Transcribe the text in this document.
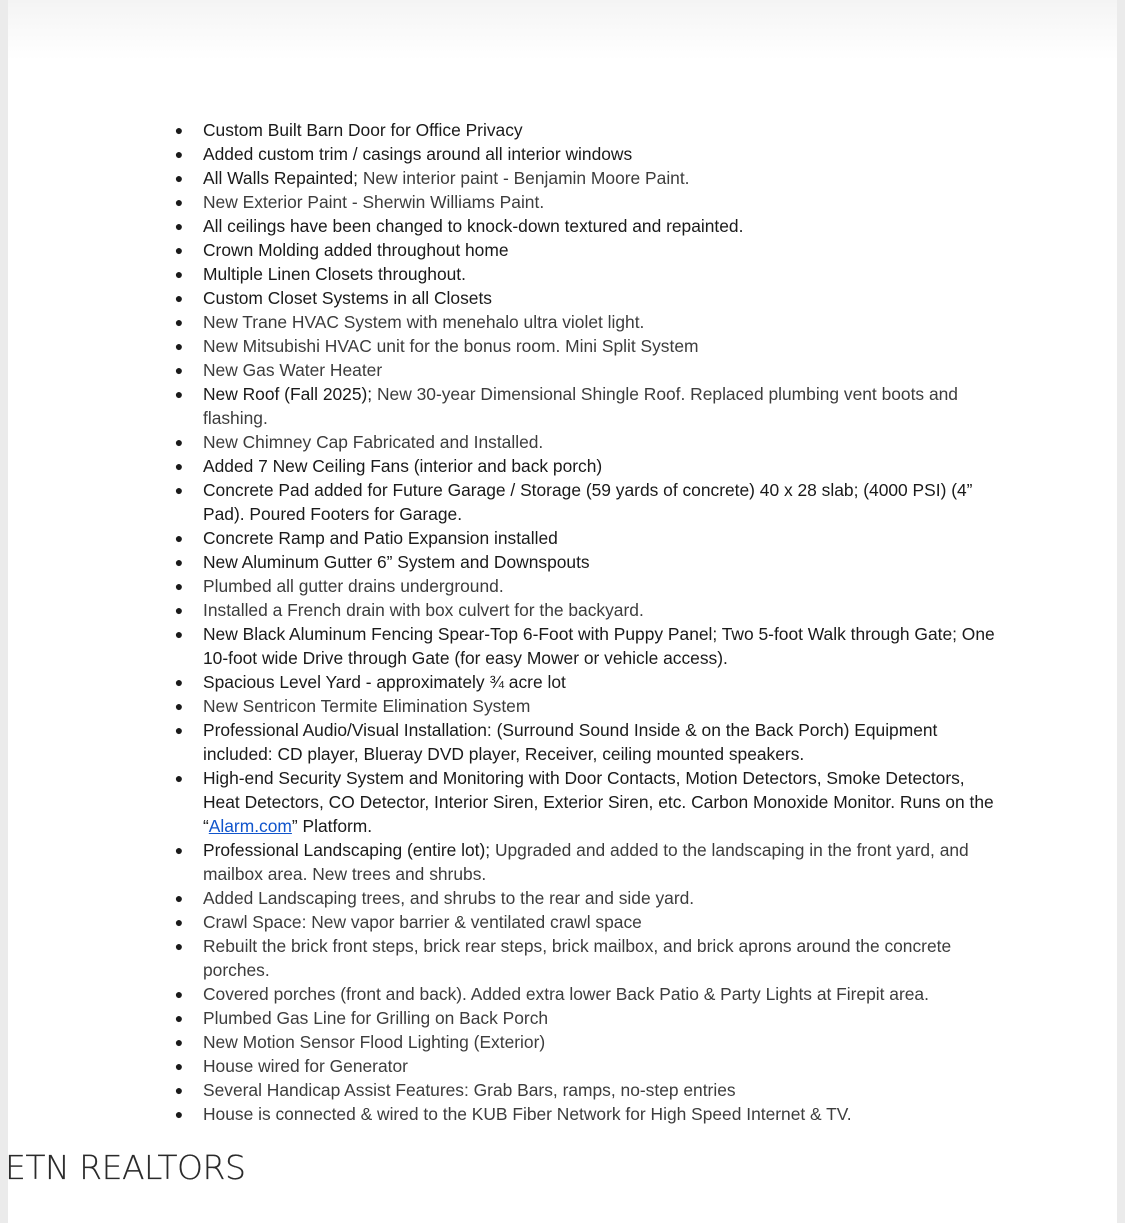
● Custom Built Barn Door for Office Privacy
● Added custom trim / casings around all interior windows
● All Walls Repainted; New interior paint - Benjamin Moore Paint.
● New Exterior Paint - Sherwin Williams Paint.
● All ceilings have been changed to knock-down textured and repainted.
● Crown Molding added throughout home
● Multiple Linen Closets throughout.
● Custom Closet Systems in all Closets
● New Trane HVAC System with menehalo ultra violet light.
● New Mitsubishi HVAC unit for the bonus room. Mini Split System
● New Gas Water Heater
● New Roof (Fall 2025); New 30-year Dimensional Shingle Roof. Replaced plumbing vent boots and flashing.
● New Chimney Cap Fabricated and Installed.
● Added 7 New Ceiling Fans (interior and back porch)
● Concrete Pad added for Future Garage / Storage (59 yards of concrete) 40 x 28 slab; (4000 PSI) (4” Pad). Poured Footers for Garage.
● Concrete Ramp and Patio Expansion installed
● New Aluminum Gutter 6” System and Downspouts
● Plumbed all gutter drains underground.
● Installed a French drain with box culvert for the backyard.
● New Black Aluminum Fencing Spear-Top 6-Foot with Puppy Panel; Two 5-foot Walk through Gate; One 10-foot wide Drive through Gate (for easy Mower or vehicle access).
● Spacious Level Yard - approximately ¾ acre lot
● New Sentricon Termite Elimination System
● Professional Audio/Visual Installation: (Surround Sound Inside & on the Back Porch) Equipment included: CD player, Blueray DVD player, Receiver, ceiling mounted speakers.
● High-end Security System and Monitoring with Door Contacts, Motion Detectors, Smoke Detectors, Heat Detectors, CO Detector, Interior Siren, Exterior Siren, etc. Carbon Monoxide Monitor. Runs on the “Alarm.com” Platform.
● Professional Landscaping (entire lot); Upgraded and added to the landscaping in the front yard, and mailbox area. New trees and shrubs.
● Added Landscaping trees, and shrubs to the rear and side yard.
● Crawl Space: New vapor barrier & ventilated crawl space
● Rebuilt the brick front steps, brick rear steps, brick mailbox, and brick aprons around the concrete porches.
● Covered porches (front and back). Added extra lower Back Patio & Party Lights at Firepit area.
● Plumbed Gas Line for Grilling on Back Porch
● New Motion Sensor Flood Lighting (Exterior)
● House wired for Generator
● Several Handicap Assist Features: Grab Bars, ramps, no-step entries
● House is connected & wired to the KUB Fiber Network for High Speed Internet & TV.
ETN REALTORS
